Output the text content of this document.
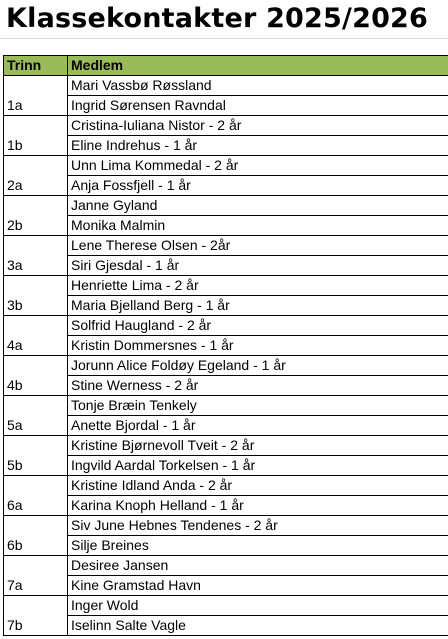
Klassekontakter 2025/2026
Trinn	Medlem
1a	Mari Vassbø Røssland
	Ingrid Sørensen Ravndal
1b	Cristina-Iuliana Nistor - 2 år
	Eline Indrehus - 1 år
2a	Unn Lima Kommedal - 2 år
	Anja Fossfjell - 1 år
2b	Janne Gyland
	Monika Malmin
3a	Lene Therese Olsen - 2år
	Siri Gjesdal - 1 år
3b	Henriette Lima - 2 år
	Maria Bjelland Berg - 1 år
4a	Solfrid Haugland - 2 år
	Kristin Dommersnes - 1 år
4b	Jorunn Alice Foldøy Egeland - 1 år
	Stine Werness - 2 år
5a	Tonje Bræin Tenkely
	Anette Bjordal - 1 år
5b	Kristine Bjørnevoll Tveit - 2 år
	Ingvild Aardal Torkelsen - 1 år
6a	Kristine Idland Anda - 2 år
	Karina Knoph Helland - 1 år
6b	Siv June Hebnes Tendenes - 2 år
	Silje Breines
7a	Desiree Jansen
	Kine Gramstad Havn
7b	Inger Wold
	Iselinn Salte Vagle
